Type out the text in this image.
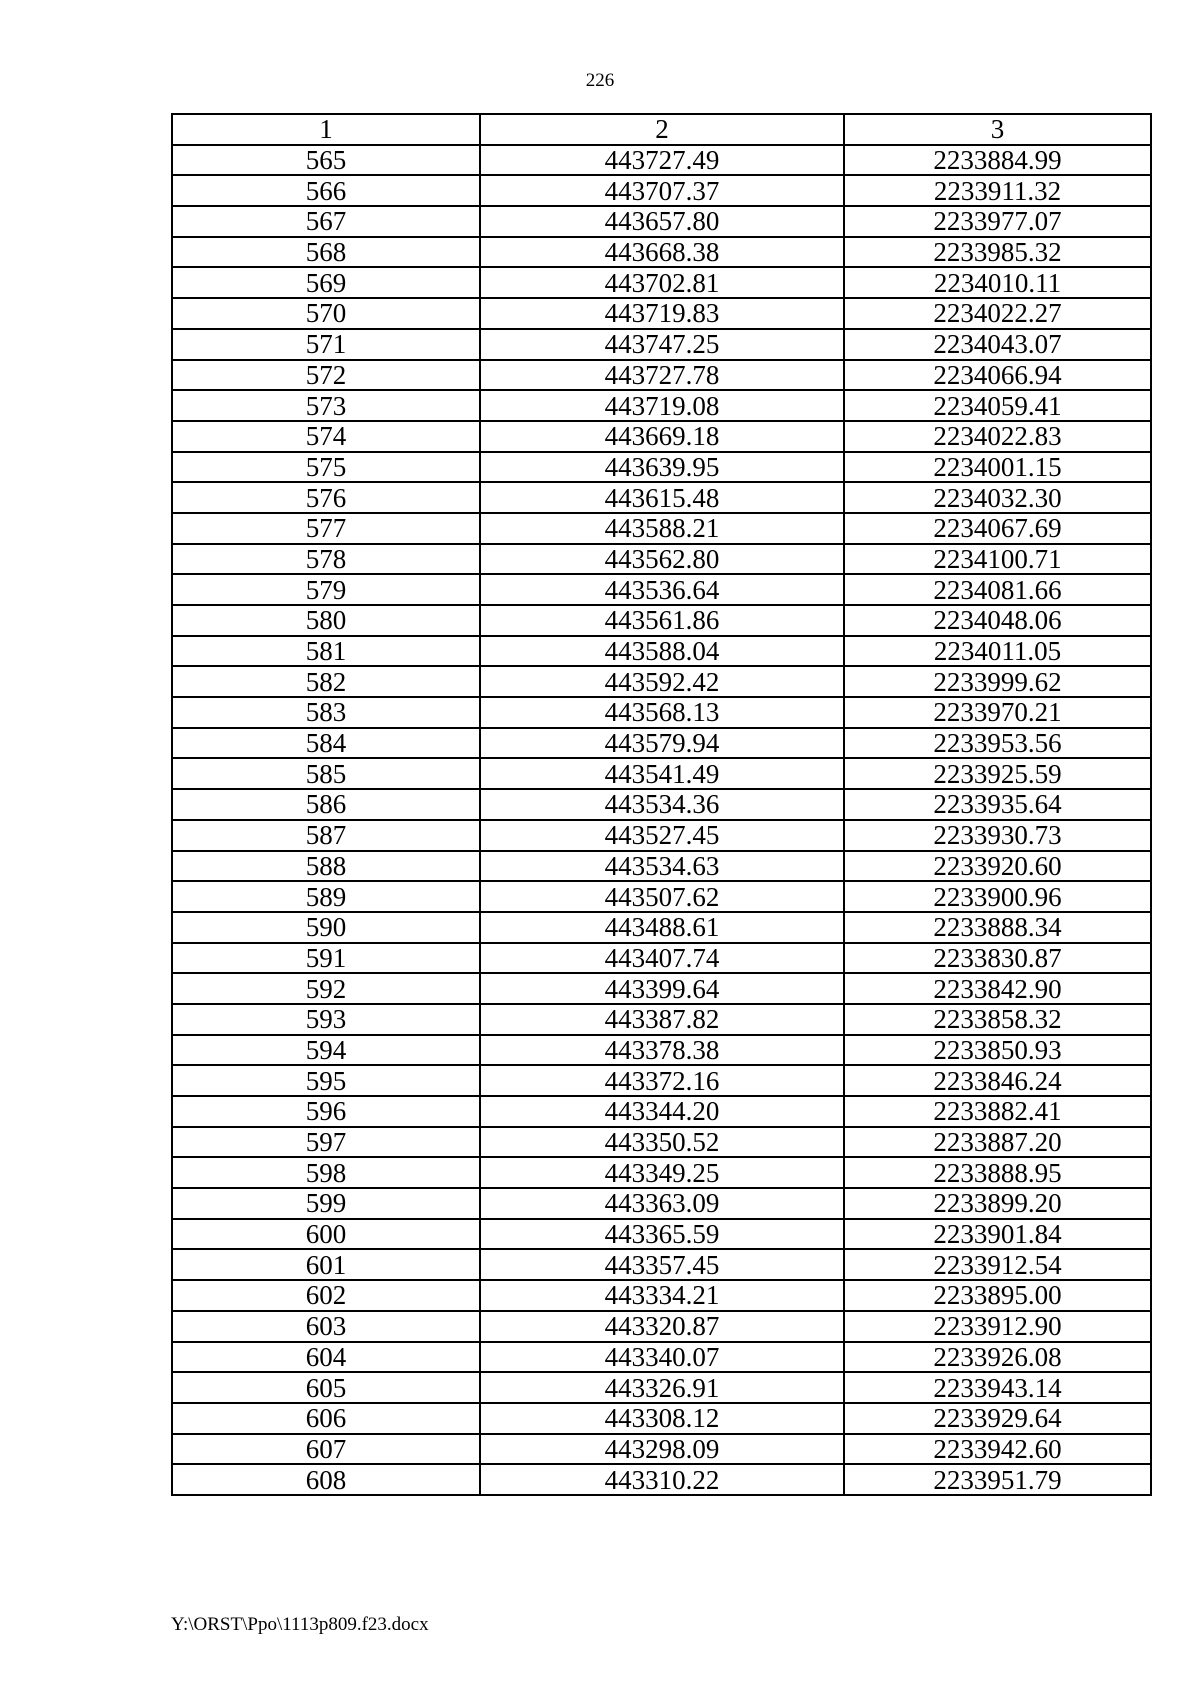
226
1	2	3
565	443727.49	2233884.99
566	443707.37	2233911.32
567	443657.80	2233977.07
568	443668.38	2233985.32
569	443702.81	2234010.11
570	443719.83	2234022.27
571	443747.25	2234043.07
572	443727.78	2234066.94
573	443719.08	2234059.41
574	443669.18	2234022.83
575	443639.95	2234001.15
576	443615.48	2234032.30
577	443588.21	2234067.69
578	443562.80	2234100.71
579	443536.64	2234081.66
580	443561.86	2234048.06
581	443588.04	2234011.05
582	443592.42	2233999.62
583	443568.13	2233970.21
584	443579.94	2233953.56
585	443541.49	2233925.59
586	443534.36	2233935.64
587	443527.45	2233930.73
588	443534.63	2233920.60
589	443507.62	2233900.96
590	443488.61	2233888.34
591	443407.74	2233830.87
592	443399.64	2233842.90
593	443387.82	2233858.32
594	443378.38	2233850.93
595	443372.16	2233846.24
596	443344.20	2233882.41
597	443350.52	2233887.20
598	443349.25	2233888.95
599	443363.09	2233899.20
600	443365.59	2233901.84
601	443357.45	2233912.54
602	443334.21	2233895.00
603	443320.87	2233912.90
604	443340.07	2233926.08
605	443326.91	2233943.14
606	443308.12	2233929.64
607	443298.09	2233942.60
608	443310.22	2233951.79
Y:\ORST\Ppo\1113p809.f23.docx
